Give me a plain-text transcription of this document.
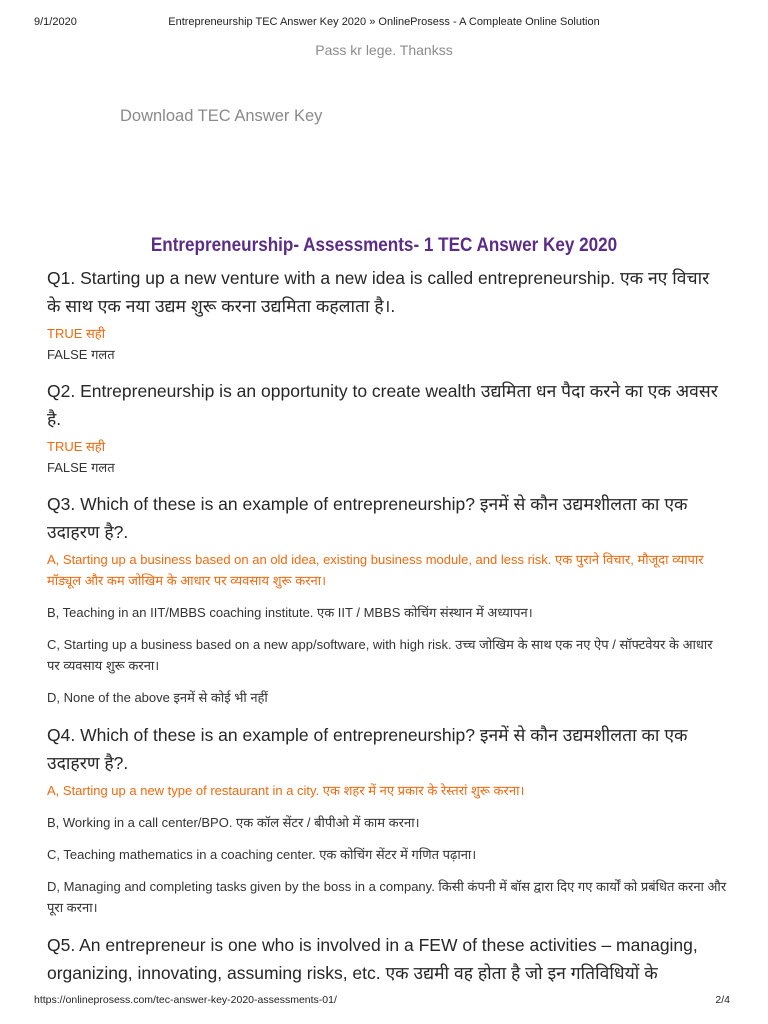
9/1/2020	Entrepreneurship TEC Answer Key 2020 » OnlineProsess - A Compleate Online Solution

Pass kr lege. Thankss
Download TEC Answer Key
Entrepreneurship- Assessments- 1 TEC Answer Key 2020

Q1. Starting up a new venture with a new idea is called entrepreneurship. एक नए विचार के साथ एक नया उद्यम शुरू करना उद्यमिता कहलाता है।.

TRUE सही

FALSE गलत

Q2. Entrepreneurship is an opportunity to create wealth उद्यमिता धन पैदा करने का एक अवसर है.

TRUE सही

FALSE गलत

Q3. Which of these is an example of entrepreneurship? इनमें से कौन उद्यमशीलता का एक उदाहरण है?.

A, Starting up a business based on an old idea, existing business module, and less risk. एक पुराने विचार, मौजूदा व्यापार मॉड्यूल और कम जोखिम के आधार पर व्यवसाय शुरू करना।

B, Teaching in an IIT/MBBS coaching institute. एक IIT / MBBS कोचिंग संस्थान में अध्यापन।

C, Starting up a business based on a new app/software, with high risk. उच्च जोखिम के साथ एक नए ऐप / सॉफ्टवेयर के आधार पर व्यवसाय शुरू करना।

D, None of the above इनमें से कोई भी नहीं

Q4. Which of these is an example of entrepreneurship? इनमें से कौन उद्यमशीलता का एक उदाहरण है?.

A, Starting up a new type of restaurant in a city. एक शहर में नए प्रकार के रेस्तरां शुरू करना।

B, Working in a call center/BPO. एक कॉल सेंटर / बीपीओ में काम करना।

C, Teaching mathematics in a coaching center. एक कोचिंग सेंटर में गणित पढ़ाना।

D, Managing and completing tasks given by the boss in a company. किसी कंपनी में बॉस द्वारा दिए गए कार्यों को प्रबंधित करना और पूरा करना।

Q5. An entrepreneur is one who is involved in a FEW of these activities – managing, organizing, innovating, assuming risks, etc. एक उद्यमी वह होता है जो इन गतिविधियों के

https://onlineprosess.com/tec-answer-key-2020-assessments-01/	2/4
